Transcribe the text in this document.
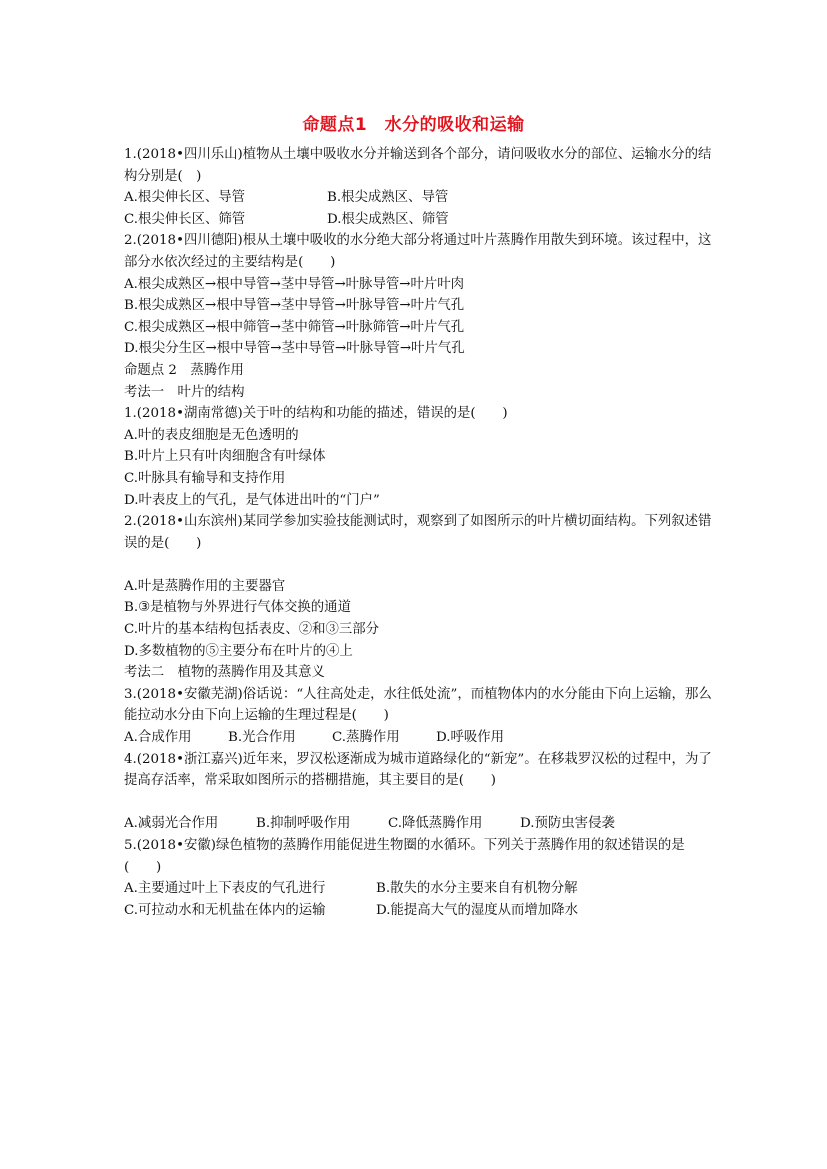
命题点1　水分的吸收和运输
1.(2018•四川乐山)植物从土壤中吸收水分并输送到各个部分，请问吸收水分的部位、运输水分的结构分别是(　)
A.根尖伸长区、导管	B.根尖成熟区、导管
C.根尖伸长区、筛管	D.根尖成熟区、筛管
2.(2018•四川德阳)根从土壤中吸收的水分绝大部分将通过叶片蒸腾作用散失到环境。该过程中，这部分水依次经过的主要结构是(　　)
A.根尖成熟区→根中导管→茎中导管→叶脉导管→叶片叶肉
B.根尖成熟区→根中导管→茎中导管→叶脉导管→叶片气孔
C.根尖成熟区→根中筛管→茎中筛管→叶脉筛管→叶片气孔
D.根尖分生区→根中导管→茎中导管→叶脉导管→叶片气孔
命题点 2　蒸腾作用
考法一　叶片的结构
1.(2018•湖南常德)关于叶的结构和功能的描述，错误的是(　　)
A.叶的表皮细胞是无色透明的
B.叶片上只有叶肉细胞含有叶绿体
C.叶脉具有输导和支持作用
D.叶表皮上的气孔，是气体进出叶的“门户”
2.(2018•山东滨州)某同学参加实验技能测试时，观察到了如图所示的叶片横切面结构。下列叙述错误的是(　　)
A.叶是蒸腾作用的主要器官
B.③是植物与外界进行气体交换的通道
C.叶片的基本结构包括表皮、②和③三部分
D.多数植物的⑤主要分布在叶片的④上
考法二　植物的蒸腾作用及其意义
3.(2018•安徽芜湖)俗话说：“人往高处走，水往低处流”，而植物体内的水分能由下向上运输，那么能拉动水分由下向上运输的生理过程是(　　)
A.合成作用	B.光合作用	C.蒸腾作用	D.呼吸作用
4.(2018•浙江嘉兴)近年来，罗汉松逐渐成为城市道路绿化的“新宠”。在移栽罗汉松的过程中，为了提高存活率，常采取如图所示的搭棚措施，其主要目的是(　　)
A.减弱光合作用	B.抑制呼吸作用	C.降低蒸腾作用	D.预防虫害侵袭
5.(2018•安徽)绿色植物的蒸腾作用能促进生物圈的水循环。下列关于蒸腾作用的叙述错误的是(　　)
A.主要通过叶上下表皮的气孔进行	B.散失的水分主要来自有机物分解
C.可拉动水和无机盐在体内的运输	D.能提高大气的湿度从而增加降水
